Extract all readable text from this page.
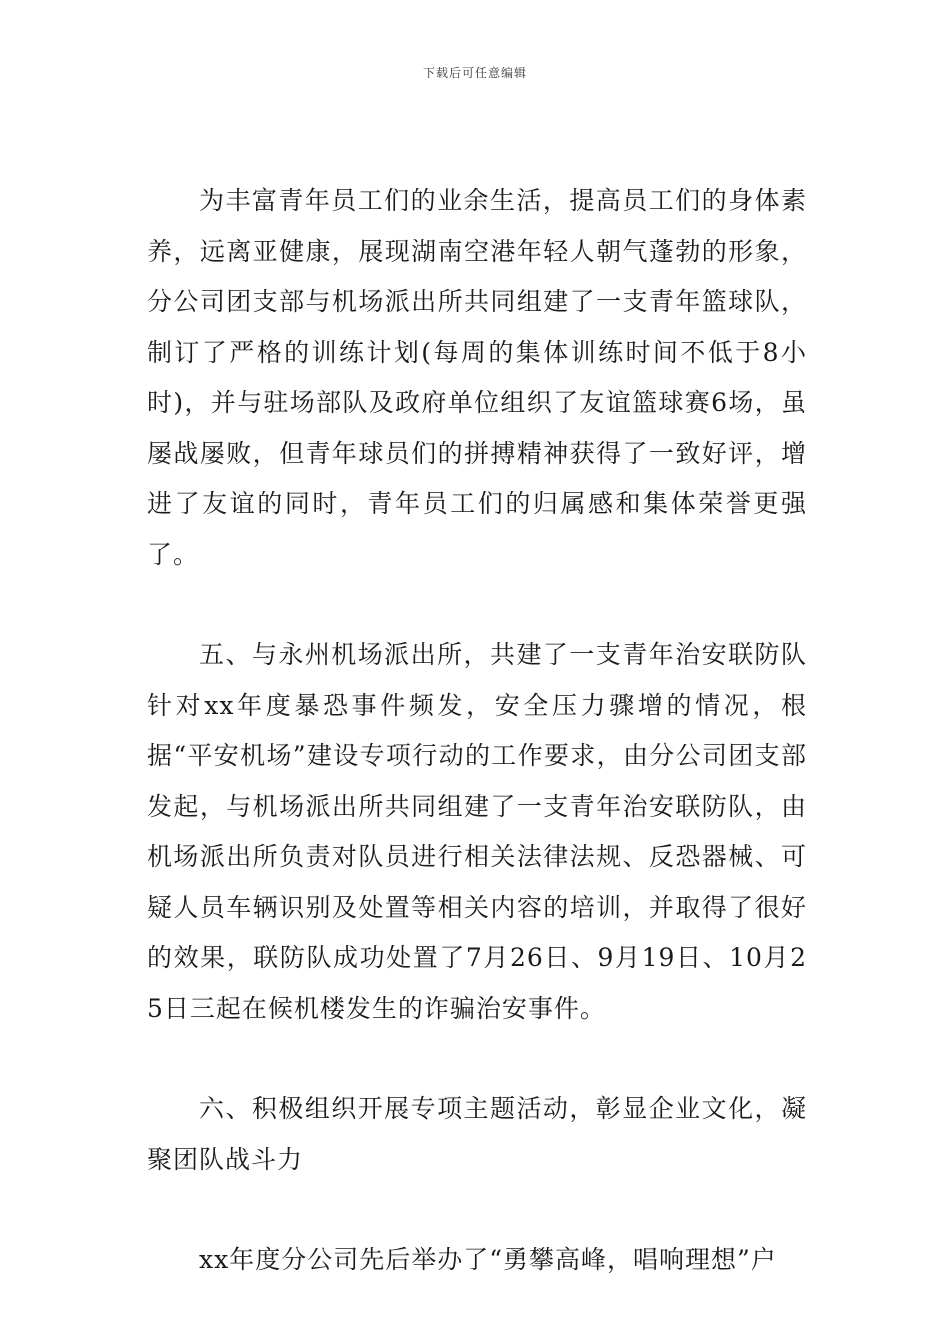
下载后可任意编辑

为丰富青年员工们的业余生活，提高员工们的身体素养，远离亚健康，展现湖南空港年轻人朝气蓬勃的形象，分公司团支部与机场派出所共同组建了一支青年篮球队，制订了严格的训练计划(每周的集体训练时间不低于8小时)，并与驻场部队及政府单位组织了友谊篮球赛6场，虽屡战屡败，但青年球员们的拼搏精神获得了一致好评，增进了友谊的同时，青年员工们的归属感和集体荣誉更强了。

五、与永州机场派出所，共建了一支青年治安联防队针对xx年度暴恐事件频发，安全压力骤增的情况，根据“平安机场”建设专项行动的工作要求，由分公司团支部发起，与机场派出所共同组建了一支青年治安联防队，由机场派出所负责对队员进行相关法律法规、反恐器械、可疑人员车辆识别及处置等相关内容的培训，并取得了很好的效果，联防队成功处置了7月26日、9月19日、10月25日三起在候机楼发生的诈骗治安事件。

六、积极组织开展专项主题活动，彰显企业文化，凝聚团队战斗力

xx年度分公司先后举办了“勇攀高峰，唱响理想”户
